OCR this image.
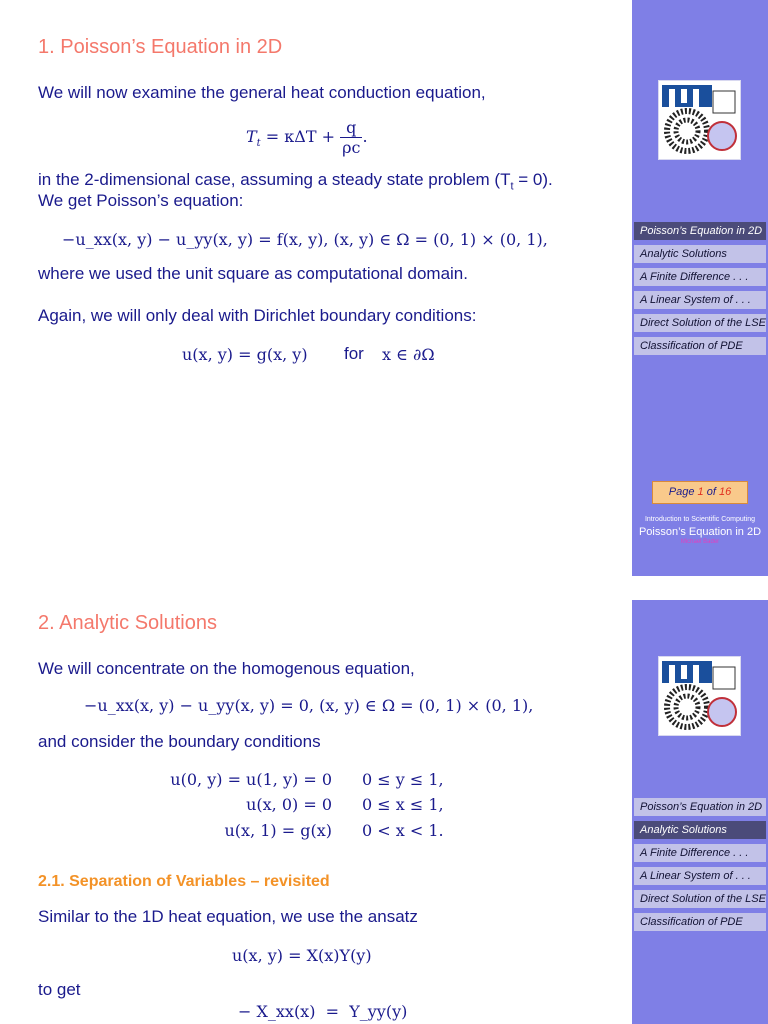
1. Poisson’s Equation in 2D
We will now examine the general heat conduction equation,
$T_t = \kappa\Delta T + \frac{q}{\rho c}$ .
in the 2-dimensional case, assuming a steady state problem $(T_t = 0)$.
We get Poisson’s equation:
−u_xx(x, y) − u_yy(x, y) = f(x, y), (x, y) ∈ Ω = (0, 1) × (0, 1),
where we used the unit square as computational domain.
Again, we will only deal with Dirichlet boundary conditions:
u(x, y) = g(x, y) for x ∈ ∂Ω
Poisson’s Equation in 2D
Analytic Solutions
A Finite Difference . . .
A Linear System of . . .
Direct Solution of the LSE
Classification of PDE
Page 1 of 16
Introduction to Scientific Computing
Poisson’s Equation in 2D
Michael Bader
2. Analytic Solutions
We will concentrate on the homogenous equation,
−u_xx(x, y) − u_yy(x, y) = 0, (x, y) ∈ Ω = (0, 1) × (0, 1),
and consider the boundary conditions
u(0, y) = u(1, y) = 0 0 ≤ y ≤ 1,
u(x, 0) = 0 0 ≤ x ≤ 1,
u(x, 1) = g(x) 0 < x < 1.
2.1. Separation of Variables – revisited
Similar to the 1D heat equation, we use the ansatz
u(x, y) = X(x)Y(y)
to get
− X_xx(x)  =  Y_yy(y)
Poisson’s Equation in 2D
Analytic Solutions
A Finite Difference . . .
A Linear System of . . .
Direct Solution of the LSE
Classification of PDE
